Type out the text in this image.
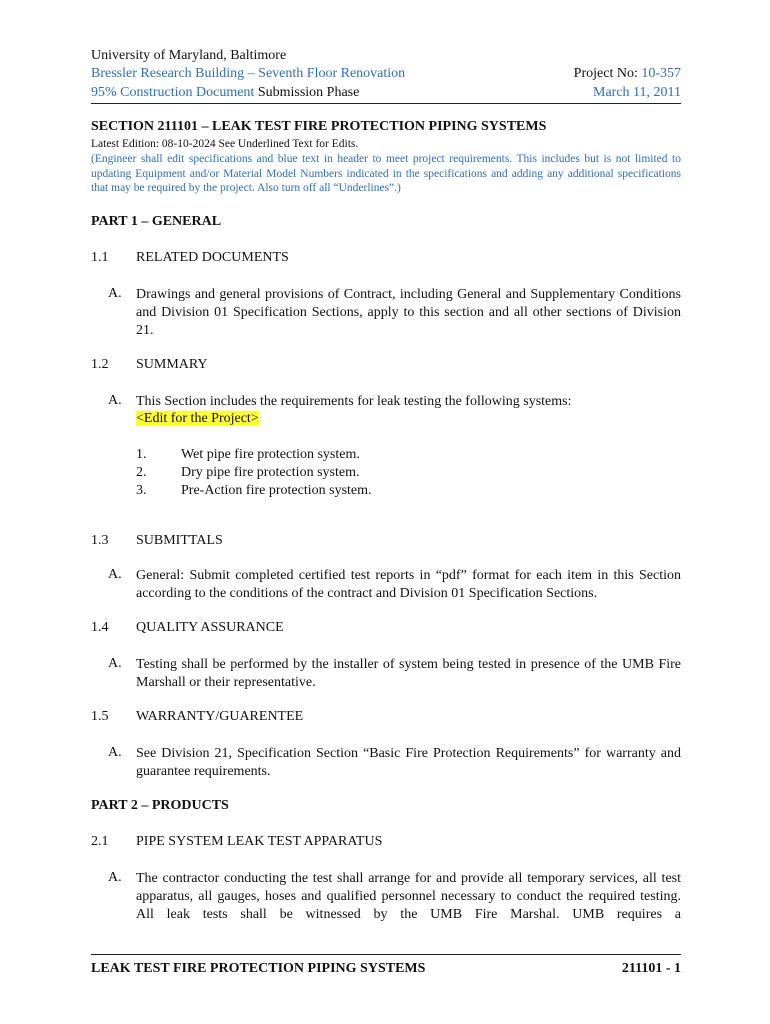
University of Maryland, Baltimore
Bressler Research Building – Seventh Floor Renovation
95% Construction Document Submission Phase
Project No: 10-357
March 11, 2011
SECTION 211101 – LEAK TEST FIRE PROTECTION PIPING SYSTEMS
Latest Edition: 08-10-2024 See Underlined Text for Edits.
(Engineer shall edit specifications and blue text in header to meet project requirements. This includes but is not limited to updating Equipment and/or Material Model Numbers indicated in the specifications and adding any additional specifications that may be required by the project. Also turn off all “Underlines”.)
PART 1 – GENERAL
1.1 RELATED DOCUMENTS
A. Drawings and general provisions of Contract, including General and Supplementary Conditions and Division 01 Specification Sections, apply to this section and all other sections of Division 21.
1.2 SUMMARY
A. This Section includes the requirements for leak testing the following systems:
<Edit for the Project>
1. Wet pipe fire protection system.
2. Dry pipe fire protection system.
3. Pre-Action fire protection system.
1.3 SUBMITTALS
A. General: Submit completed certified test reports in “pdf” format for each item in this Section according to the conditions of the contract and Division 01 Specification Sections.
1.4 QUALITY ASSURANCE
A. Testing shall be performed by the installer of system being tested in presence of the UMB Fire Marshall or their representative.
1.5 WARRANTY/GUARENTEE
A. See Division 21, Specification Section “Basic Fire Protection Requirements” for warranty and guarantee requirements.
PART 2 – PRODUCTS
2.1 PIPE SYSTEM LEAK TEST APPARATUS
A. The contractor conducting the test shall arrange for and provide all temporary services, all test apparatus, all gauges, hoses and qualified personnel necessary to conduct the required testing. All leak tests shall be witnessed by the UMB Fire Marshal. UMB requires a
LEAK TEST FIRE PROTECTION PIPING SYSTEMS	211101 - 1
